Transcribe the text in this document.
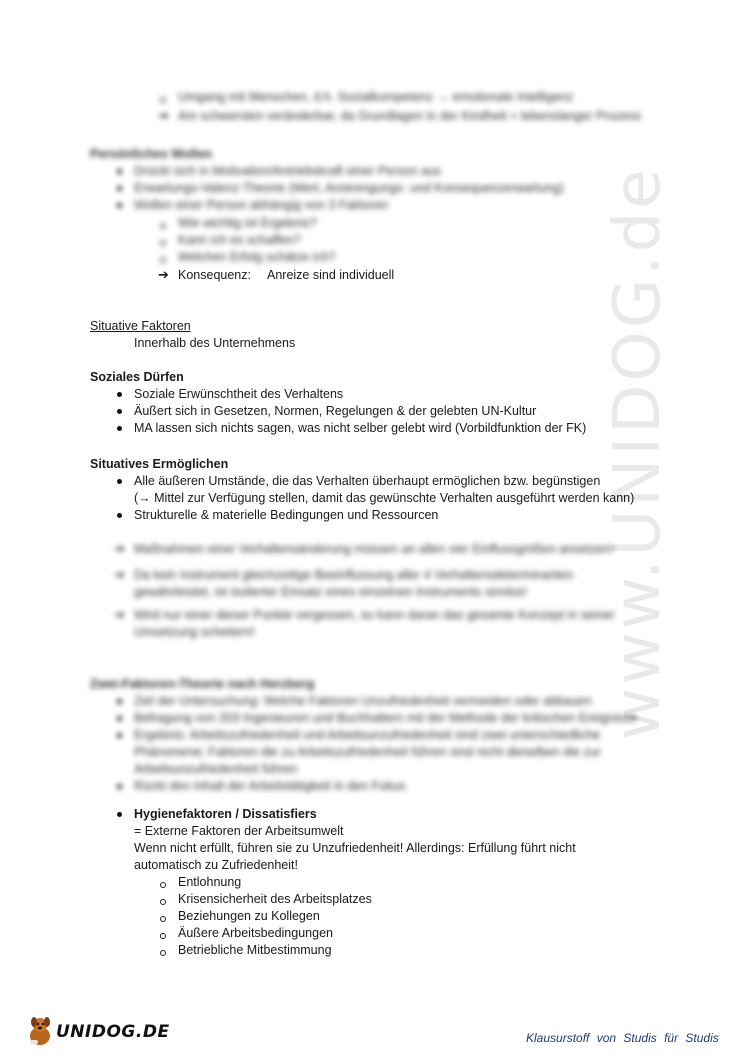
www.UNIDOG.de
Umgang mit Menschen, d.h. Sozialkompetenz → emotionale Intelligenz
➔ Am schwersten veränderbar, da Grundlagen in der Kindheit + lebenslanger Prozess
Persönliches Wollen
Drückt sich in Motivation/Antriebskraft einer Person aus
Erwartungs-Valenz-Theorie (Wert, Anstrengungs- und Konsequenzerwartung)
Wollen einer Person abhängig von 3 Faktoren
Wie wichtig ist Ergebnis?
Kann ich es schaffen?
Welchen Erfolg schätze ich?
➔ Konsequenz: Anreize sind individuell
Situative Faktoren
Innerhalb des Unternehmens
Soziales Dürfen
Soziale Erwünschtheit des Verhaltens
Äußert sich in Gesetzen, Normen, Regelungen & der gelebten UN-Kultur
MA lassen sich nichts sagen, was nicht selber gelebt wird (Vorbildfunktion der FK)
Situatives Ermöglichen
Alle äußeren Umstände, die das Verhalten überhaupt ermöglichen bzw. begünstigen
(→ Mittel zur Verfügung stellen, damit das gewünschte Verhalten ausgeführt werden kann)
Strukturelle & materielle Bedingungen und Ressourcen
➔ Maßnahmen einer Verhaltensänderung müssen an allen vier Einflussgrößen ansetzen!
➔ Da kein Instrument gleichzeitige Beeinflussung aller 4 Verhaltensdeterminanten
gewährleistet, ist isolierter Einsatz eines einzelnen Instruments sinnlos!
➔ Wird nur einer dieser Punkte vergessen, so kann daran das gesamte Konzept in seiner
Umsetzung scheitern!
Zwei-Faktoren-Theorie nach Herzberg
Ziel der Untersuchung: Welche Faktoren Unzufriedenheit vermeiden oder abbauen
Befragung von 203 Ingenieuren und Buchhaltern mit der Methode der kritischen Ereignisse
Ergebnis: Arbeitszufriedenheit und Arbeitsunzufriedenheit sind zwei unterschiedliche
Phänomene; Faktoren die zu Arbeitszufriedenheit führen sind nicht dieselben die zur
Arbeitsunzufriedenheit führen
Rückt den Inhalt der Arbeitstätigkeit in den Fokus
Hygienefaktoren / Dissatisfiers
= Externe Faktoren der Arbeitsumwelt
Wenn nicht erfüllt, führen sie zu Unzufriedenheit! Allerdings: Erfüllung führt nicht
automatisch zu Zufriedenheit!
Entlohnung
Krisensicherheit des Arbeitsplatzes
Beziehungen zu Kollegen
Äußere Arbeitsbedingungen
Betriebliche Mitbestimmung
UNIDOG.DE	Klausurstoff von Studis für Studis
